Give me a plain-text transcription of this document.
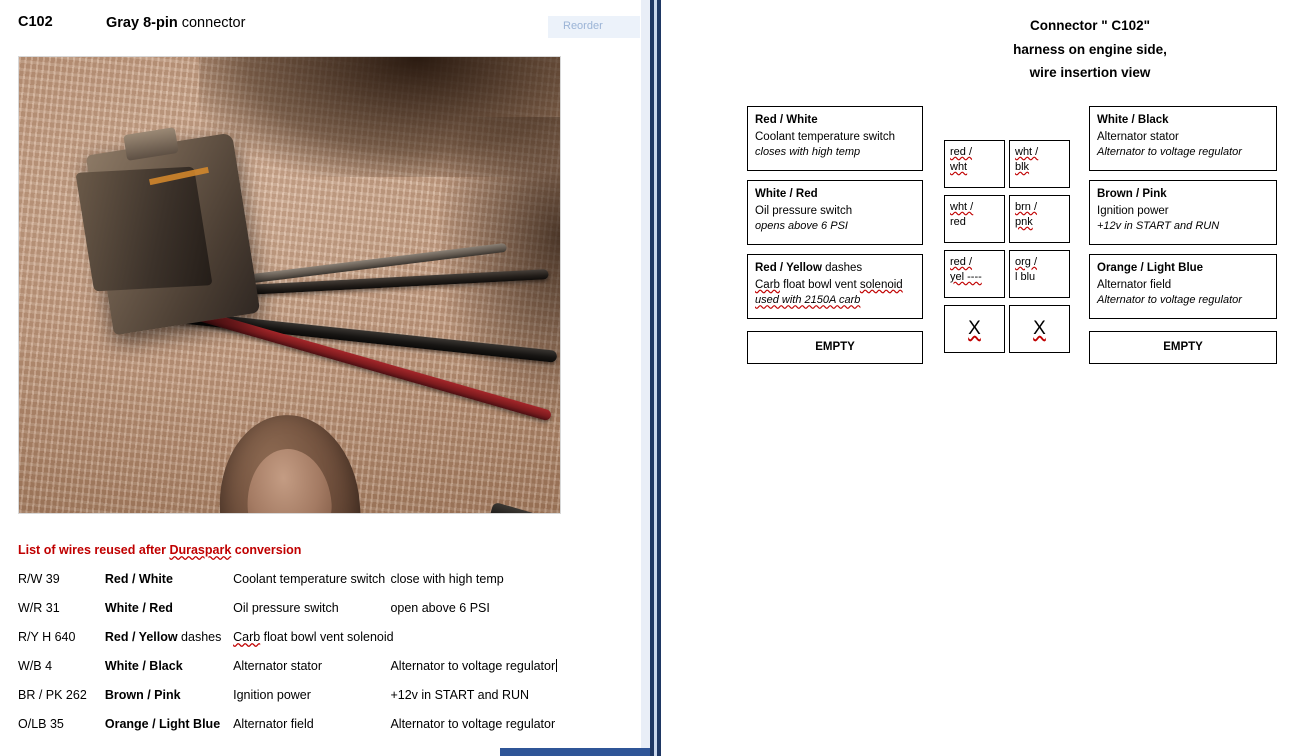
Reorder
C102	Gray 8-pin connector
List of wires reused after Duraspark conversion
R/W 39	Red / White	Coolant temperature switch	close with high temp
W/R 31	White / Red	Oil pressure switch	open above 6 PSI
R/Y H 640	Red / Yellow dashes	Carb float bowl vent solenoid	
W/B 4	White / Black	Alternator stator	Alternator to voltage regulator
BR / PK 262	Brown / Pink	Ignition power	+12v in START and RUN
O/LB 35	Orange / Light Blue	Alternator field	Alternator to voltage regulator
Connector " C102"
harness on engine side,
wire insertion view
Red / White
Coolant temperature switch
closes with high temp
White / Red
Oil pressure switch
opens above 6 PSI
Red / Yellow dashes
Carb float bowl vent solenoid
used with 2150A carb
EMPTY
red /
wht
wht /
blk
wht /
red
brn /
pnk
red /
yel ----
org /
l blu
X	X
White / Black
Alternator stator
Alternator to voltage regulator
Brown / Pink
Ignition power
+12v in START and RUN
Orange / Light Blue
Alternator field
Alternator to voltage regulator
EMPTY
